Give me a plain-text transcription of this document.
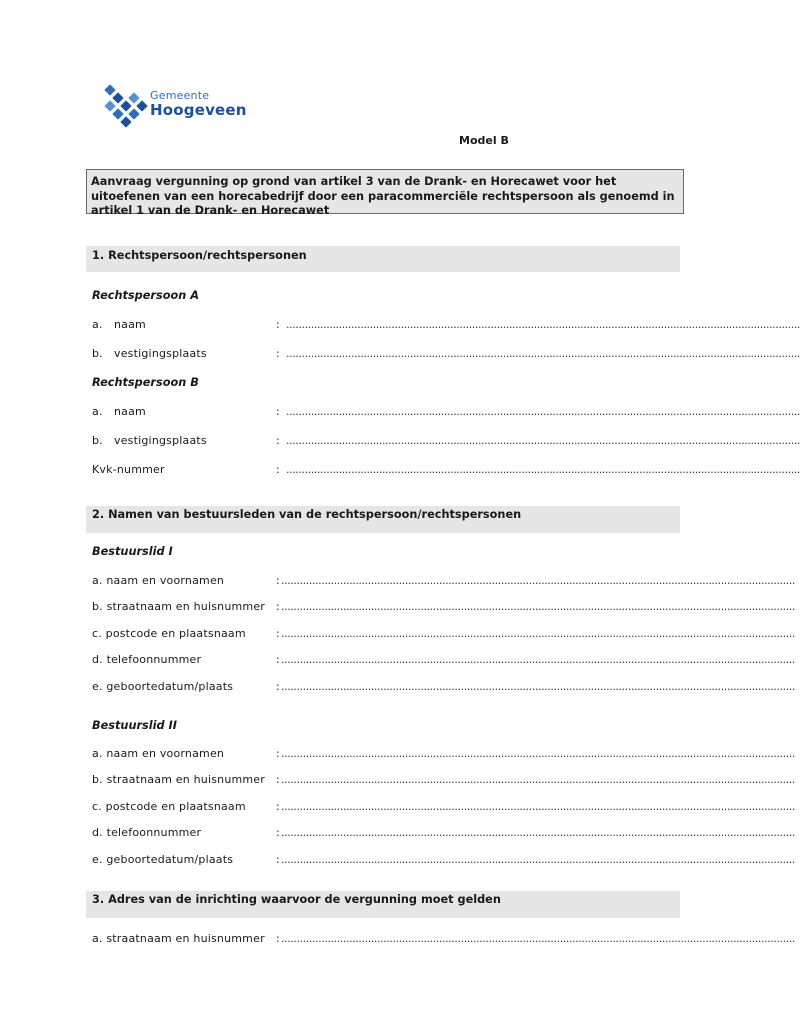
Gemeente
Hoogeveen
Model B
Aanvraag vergunning op grond van artikel 3 van de Drank- en Horecawet voor het uitoefenen van een horecabedrijf door een paracommerciële rechtspersoon als genoemd in artikel 1 van de Drank- en Horecawet
1. Rechtspersoon/rechtspersonen
Rechtspersoon A
a. naam	: ......................................................................................................................................................................
b. vestigingsplaats	: ......................................................................................................................................................................
Rechtspersoon B
a. naam	: ......................................................................................................................................................................
b. vestigingsplaats	: ......................................................................................................................................................................
Kvk-nummer	: ......................................................................................................................................................................
2. Namen van bestuursleden van de rechtspersoon/rechtspersonen
Bestuurslid I
a. naam en voornamen	: ......................................................................................................................................................................
b. straatnaam en huisnummer : ......................................................................................................................................................................
c. postcode en plaatsnaam	: ......................................................................................................................................................................
d. telefoonnummer	: ......................................................................................................................................................................
e. geboortedatum/plaats	: ......................................................................................................................................................................
Bestuurslid II
a. naam en voornamen	: ......................................................................................................................................................................
b. straatnaam en huisnummer : ......................................................................................................................................................................
c. postcode en plaatsnaam	: ......................................................................................................................................................................
d. telefoonnummer	: ......................................................................................................................................................................
e. geboortedatum/plaats	: ......................................................................................................................................................................
3. Adres van de inrichting waarvoor de vergunning moet gelden
a. straatnaam en huisnummer : ......................................................................................................................................................................
